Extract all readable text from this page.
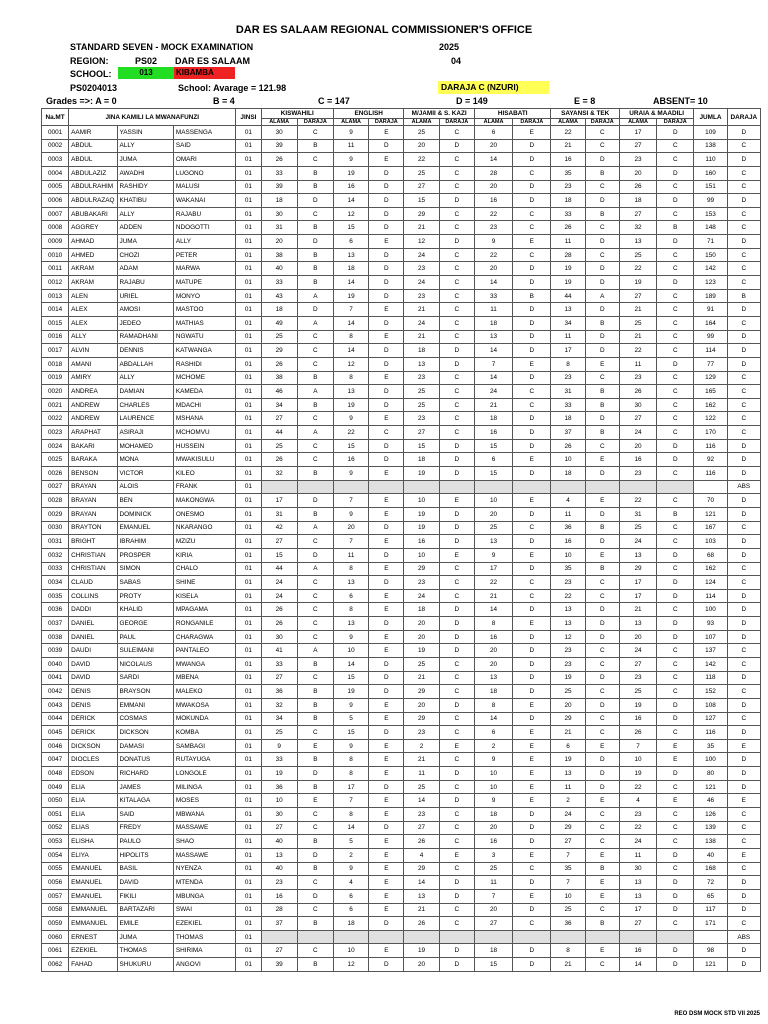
DAR ES SALAAM REGIONAL COMMISSIONER'S OFFICE
STANDARD SEVEN - MOCK EXAMINATION	2025
REGION:	PS02 DAR ES SALAAM	04
SCHOOL:	013	KIBAMBA
PS0204013	School: Avarage = 121.98	DARAJA C (NZURI)
Grades =>: A = 0	B = 4	C = 147	D = 149	E = 8	ABSENT= 10
Na.MT	JINA KAMILI LA MWANAFUNZI			JINSI	KISWAHILI		ENGLISH		M/JAMII & S. KAZI		HISABATI		SAYANSI & TEK		URAIA & MAADILI		JUMLA	DARAJA
					ALAMA	DARAJA	ALAMA	DARAJA	ALAMA	DARAJA	ALAMA	DARAJA	ALAMA	DARAJA	ALAMA	DARAJA		
0001	AAMIR	YASSIN	MASSENGA	01	30	C	9	E	25	C	6	E	22	C	17	D	109	D
0002	ABDUL	ALLY	SAID	01	39	B	11	D	20	D	20	D	21	C	27	C	138	C
0003	ABDUL	JUMA	OMARI	01	26	C	9	E	22	C	14	D	16	D	23	C	110	D
0004	ABDULAZIZ	AWADHI	LUGONO	01	33	B	19	D	25	C	28	C	35	B	20	D	160	C
0005	ABDULRAHIM	RASHIDY	MALUSI	01	39	B	16	D	27	C	20	D	23	C	26	C	151	C
0006	ABDULRAZAQ	KHATIBU	WAKANAI	01	18	D	14	D	15	D	16	D	18	D	18	D	99	D
0007	ABUBAKARI	ALLY	RAJABU	01	30	C	12	D	29	C	22	C	33	B	27	C	153	C
0008	AGGREY	ADDEN	NDOGOTTI	01	31	B	15	D	21	C	23	C	26	C	32	B	148	C
0009	AHMAD	JUMA	ALLY	01	20	D	6	E	12	D	9	E	11	D	13	D	71	D
0010	AHMED	CHOZI	PETER	01	38	B	13	D	24	C	22	C	28	C	25	C	150	C
0011	AKRAM	ADAM	MARWA	01	40	B	18	D	23	C	20	D	19	D	22	C	142	C
0012	AKRAM	RAJABU	MATUPE	01	33	B	14	D	24	C	14	D	19	D	19	D	123	C
0013	ALEN	URIEL	MONYO	01	43	A	19	D	23	C	33	B	44	A	27	C	189	B
0014	ALEX	AMOSI	MASTOO	01	18	D	7	E	21	C	11	D	13	D	21	C	91	D
0015	ALEX	JEDEO	MATHIAS	01	49	A	14	D	24	C	18	D	34	B	25	C	164	C
0016	ALLY	RAMADHANI	NGWATU	01	25	C	8	E	21	C	13	D	11	D	21	C	99	D
0017	ALVIN	DENNIS	KATWANGA	01	29	C	14	D	18	D	14	D	17	D	22	C	114	D
0018	AMANI	ABDALLAH	RASHIDI	01	26	C	12	D	13	D	7	E	8	E	11	D	77	D
0019	AMIRY	ALLY	MCHOME	01	38	B	8	E	23	C	14	D	23	C	23	C	129	C
0020	ANDREA	DAMIAN	KAMEDA	01	46	A	13	D	25	C	24	C	31	B	26	C	165	C
0021	ANDREW	CHARLES	MDACHI	01	34	B	19	D	25	C	21	C	33	B	30	C	162	C
0022	ANDREW	LAURENCE	MSHANA	01	27	C	9	E	23	C	18	D	18	D	27	C	122	C
0023	ARAPHAT	ASIRAJI	MCHOMVU	01	44	A	22	C	27	C	16	D	37	B	24	C	170	C
0024	BAKARI	MOHAMED	HUSSEIN	01	25	C	15	D	15	D	15	D	26	C	20	D	116	D
0025	BARAKA	MONA	MWAKISULU	01	26	C	16	D	18	D	6	E	10	E	16	D	92	D
0026	BENSON	VICTOR	KILEO	01	32	B	9	E	19	D	15	D	18	D	23	C	116	D
0027	BRAYAN	ALOIS	FRANK	01														ABS
0028	BRAYAN	BEN	MAKONGWA	01	17	D	7	E	10	E	10	E	4	E	22	C	70	D
0029	BRAYAN	DOMINICK	ONESMO	01	31	B	9	E	19	D	20	D	11	D	31	B	121	D
0030	BRAYTON	EMANUEL	NKARANGO	01	42	A	20	D	19	D	25	C	36	B	25	C	167	C
0031	BRIGHT	IBRAHIM	MZIZU	01	27	C	7	E	16	D	13	D	16	D	24	C	103	D
0032	CHRISTIAN	PROSPER	KIRIA	01	15	D	11	D	10	E	9	E	10	E	13	D	68	D
0033	CHRISTIAN	SIMON	CHALO	01	44	A	8	E	29	C	17	D	35	B	29	C	162	C
0034	CLAUD	SABAS	SHINE	01	24	C	13	D	23	C	22	C	23	C	17	D	124	C
0035	COLLINS	PROTY	KISELA	01	24	C	6	E	24	C	21	C	22	C	17	D	114	D
0036	DADDI	KHALID	MPAGAMA	01	26	C	8	E	18	D	14	D	13	D	21	C	100	D
0037	DANIEL	GEORGE	RONGANILE	01	26	C	13	D	20	D	8	E	13	D	13	D	93	D
0038	DANIEL	PAUL	CHARAGWA	01	30	C	9	E	20	D	16	D	12	D	20	D	107	D
0039	DAUDI	SULEIMANI	PANTALEO	01	41	A	10	E	19	D	20	D	23	C	24	C	137	C
0040	DAVID	NICOLAUS	MWANGA	01	33	B	14	D	25	C	20	D	23	C	27	C	142	C
0041	DAVID	SARDI	MBENA	01	27	C	15	D	21	C	13	D	19	D	23	C	118	D
0042	DENIS	BRAYSON	MALEKO	01	36	B	19	D	29	C	18	D	25	C	25	C	152	C
0043	DENIS	EMMANI	MWAKOSA	01	32	B	9	E	20	D	8	E	20	D	19	D	108	D
0044	DERICK	COSMAS	MOKUNDA	01	34	B	5	E	29	C	14	D	29	C	16	D	127	C
0045	DERICK	DICKSON	KOMBA	01	25	C	15	D	23	C	6	E	21	C	26	C	116	D
0046	DICKSON	DAMASI	SAMBAGI	01	9	E	9	E	2	E	2	E	6	E	7	E	35	E
0047	DIOCLES	DONATUS	RUTAYUGA	01	33	B	8	E	21	C	9	E	19	D	10	E	100	D
0048	EDSON	RICHARD	LONGOLE	01	19	D	8	E	11	D	10	E	13	D	19	D	80	D
0049	ELIA	JAMES	MILINGA	01	36	B	17	D	25	C	10	E	11	D	22	C	121	D
0050	ELIA	KITALAGA	MOSES	01	10	E	7	E	14	D	9	E	2	E	4	E	46	E
0051	ELIA	SAID	MBWANA	01	30	C	8	E	23	C	18	D	24	C	23	C	126	C
0052	ELIAS	FREDY	MASSAWE	01	27	C	14	D	27	C	20	D	29	C	22	C	139	C
0053	ELISHA	PAULO	SHAO	01	40	B	5	E	26	C	16	D	27	C	24	C	138	C
0054	ELIYA	HIPOLITS	MASSAWE	01	13	D	2	E	4	E	3	E	7	E	11	D	40	E
0055	EMANUEL	BASIL	NYENZA	01	40	B	9	E	29	C	25	C	35	B	30	C	168	C
0056	EMANUEL	DAVID	MTENDA	01	23	C	4	E	14	D	11	D	7	E	13	D	72	D
0057	EMANUEL	FIKILI	MBUNGA	01	16	D	6	E	13	D	7	E	10	E	13	D	65	D
0058	EMMANUEL	BARTAZARI	SWAI	01	28	C	6	E	21	C	20	D	25	C	17	D	117	D
0059	EMMANUEL	EMILE	EZEKIEL	01	37	B	18	D	26	C	27	C	36	B	27	C	171	C
0060	ERNEST	JUMA	THOMAS	01														ABS
0061	EZEKIEL	THOMAS	SHIRIMA	01	27	C	10	E	19	D	18	D	8	E	16	D	98	D
0062	FAHAD	SHUKURU	ANGOVI	01	39	B	12	D	20	D	15	D	21	C	14	D	121	D
REO DSM MOCK STD VII 2025
